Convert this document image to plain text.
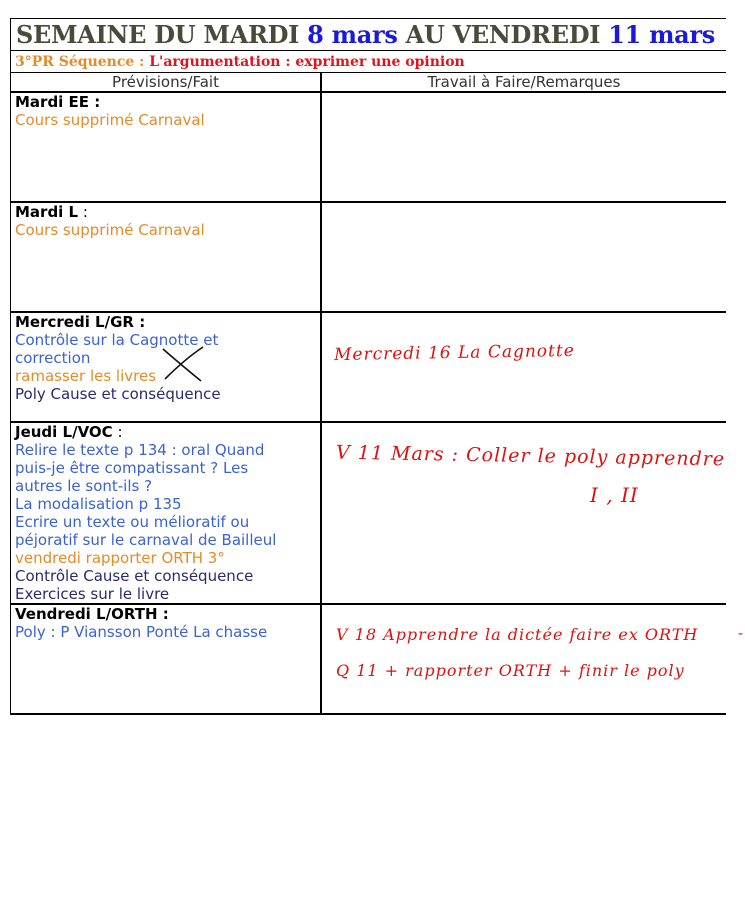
SEMAINE DU MARDI 8 mars AU VENDREDI 11 mars
3°PR Séquence : L'argumentation : exprimer une opinion
Prévisions/Fait	Travail à Faire/Remarques
Mardi EE :
Cours supprimé Carnaval
Mardi L :
Cours supprimé Carnaval
Mercredi L/GR :
Contrôle sur la Cagnotte et
correction
ramasser les livres
Poly Cause et conséquence
Mercredi 16 La Cagnotte
Jeudi L/VOC :
Relire le texte p 134 : oral Quand
puis-je être compatissant ? Les
autres le sont-ils ?
La modalisation p 135
Ecrire un texte ou mélioratif ou
péjoratif sur le carnaval de Bailleul
vendredi rapporter ORTH 3°
Contrôle Cause et conséquence
Exercices sur le livre
V 11 Mars : Coller le poly apprendre
I , II
Vendredi L/ORTH :
Poly : P Viansson Ponté La chasse	V 18 Apprendre la dictée faire ex ORTH
Q 11 + rapporter ORTH + finir le poly
-
